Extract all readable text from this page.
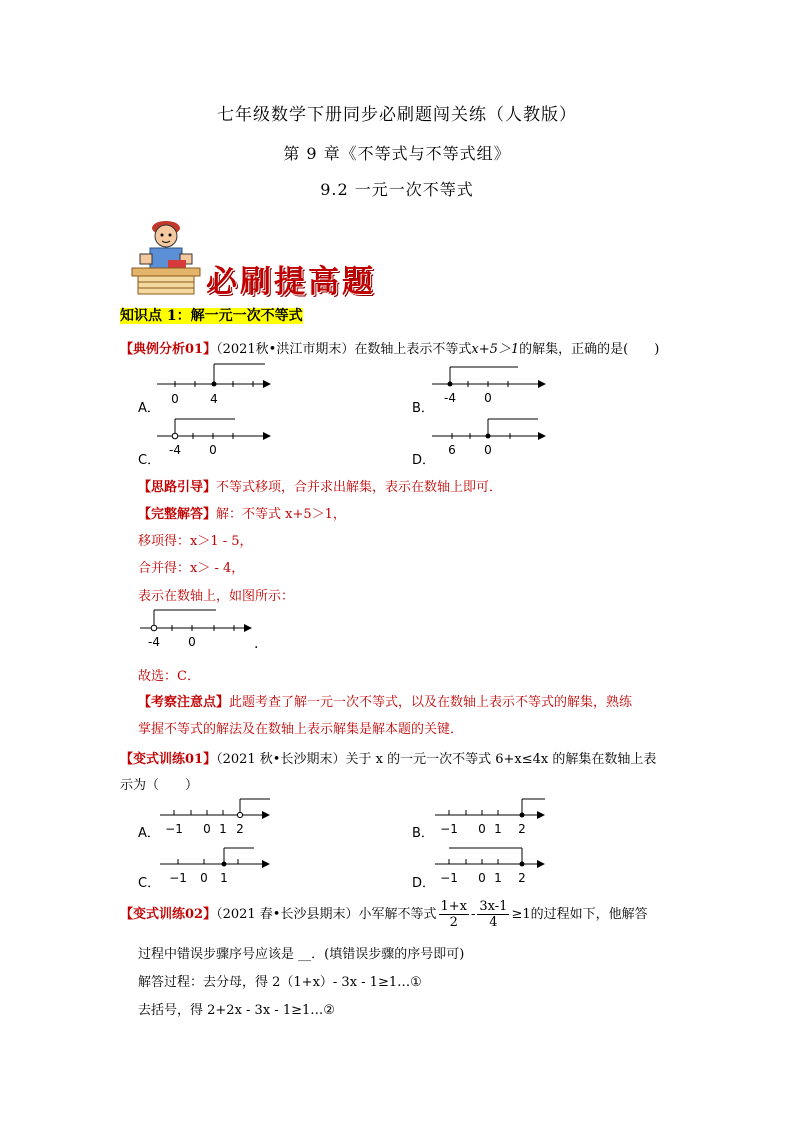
七年级数学下册同步必刷题闯关练（人教版）
第 9 章《不等式与不等式组》
9.2 一元一次不等式
必刷提高题
知识点 1：解一元一次不等式
【典例分析01】（2021秋•洪江市期末）在数轴上表示不等式x+5＞1的解集，正确的是(　　)
A．
0	4
B．
-4 0
C．
-4 0
D．
6 0
【思路引导】不等式移项，合并求出解集，表示在数轴上即可．
【完整解答】解：不等式 x+5＞1，
移项得：x＞1 - 5，
合并得：x＞ - 4，
表示在数轴上，如图所示：
-4 0	.
故选：C．
【考察注意点】此题考查了解一元一次不等式，以及在数轴上表示不等式的解集，熟练
掌握不等式的解法及在数轴上表示解集是解本题的关键．
【变式训练01】（2021 秋•长沙期末）关于 x 的一元一次不等式 6+x≤4x 的解集在数轴上表
示为（　　）
A． −1 0 1 2	B． −1 0 1 2
C． −1 0 1	D． −1 0 1 2
【变式训练02】（2021 春•长沙县期末）小军解不等式 $\frac{1+x}{2} - \frac{3x-1}{4} \ge 1$的过程如下，他解答
过程中错误步骤序号应该是 __．(填错误步骤的序号即可)
解答过程：去分母，得 2（1+x）- 3x - 1≥1…①
去括号，得 2+2x - 3x - 1≥1…②
